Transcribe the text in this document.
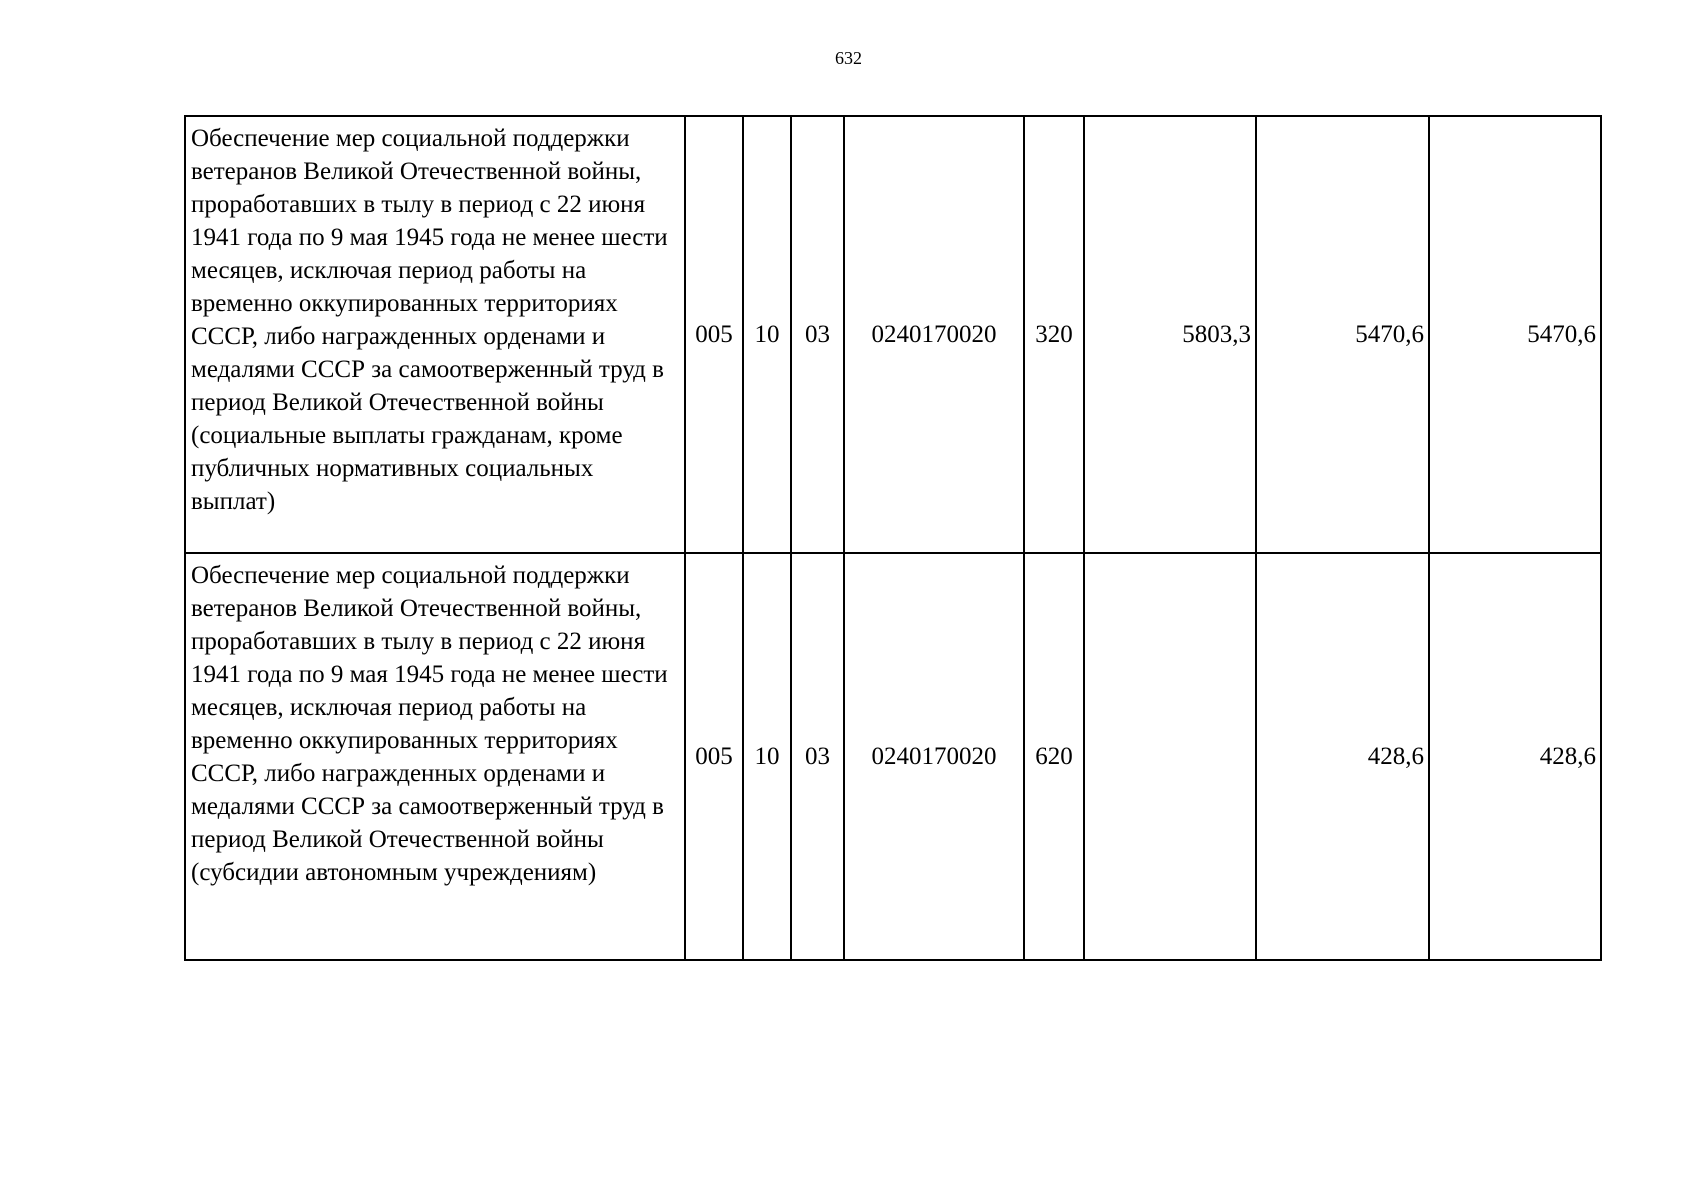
632
Обеспечение мер социальной поддержки ветеранов Великой Отечественной войны, проработавших в тылу в период с 22 июня 1941 года по 9 мая 1945 года не менее шести месяцев, исключая период работы на временно оккупированных территориях СССР, либо награжденных орденами и медалями СССР за самоотверженный труд в период Великой Отечественной войны (социальные выплаты гражданам, кроме публичных нормативных социальных выплат)	005	10	03	0240170020	320	5803,3	5470,6	5470,6
Обеспечение мер социальной поддержки ветеранов Великой Отечественной войны, проработавших в тылу в период с 22 июня 1941 года по 9 мая 1945 года не менее шести месяцев, исключая период работы на временно оккупированных территориях СССР, либо награжденных орденами и медалями СССР за самоотверженный труд в период Великой Отечественной войны (субсидии автономным учреждениям)	005	10	03	0240170020	620		428,6	428,6
